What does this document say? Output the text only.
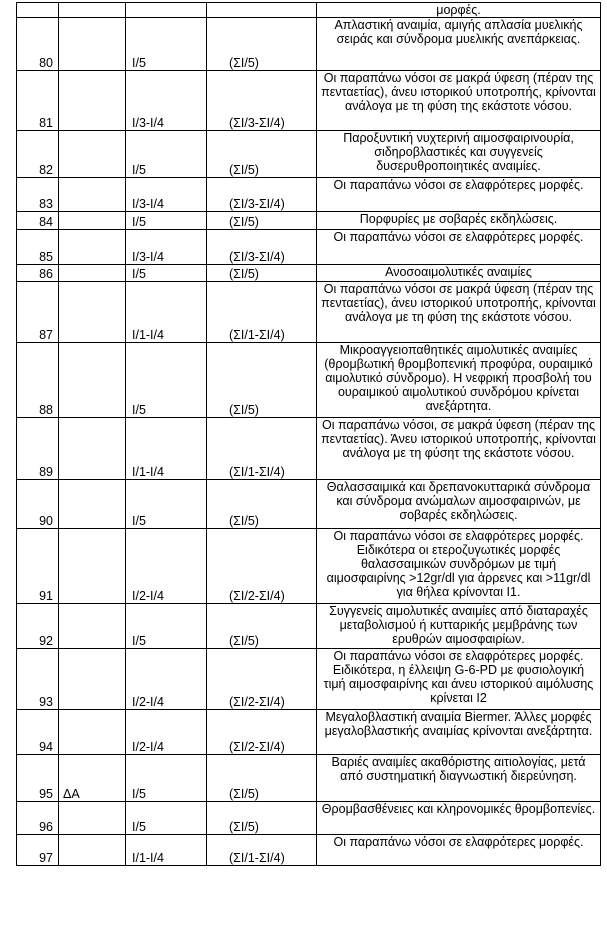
				μορφές.
80		Ι/5	(ΣΙ/5)	Απλαστική αναιμία, αμιγής απλασία μυελικής σειράς και σύνδρομα μυελικής ανεπάρκειας.
81		Ι/3-Ι/4	(ΣΙ/3-ΣΙ/4)	Οι παραπάνω νόσοι σε μακρά ύφεση (πέραν της πενταετίας), άνευ ιστορικού υποτροπής, κρίνονται ανάλογα με τη φύση της εκάστοτε νόσου.
82		Ι/5	(ΣΙ/5)	Παροξυντική νυχτερινή αιμοσφαιρινουρία, σιδηροβλαστικές και συγγενείς δυσερυθροποιητικές αναιμίες.
83		Ι/3-Ι/4	(ΣΙ/3-ΣΙ/4)	Οι παραπάνω νόσοι σε ελαφρότερες μορφές.
84		Ι/5	(ΣΙ/5)	Πορφυρίες με σοβαρές εκδηλώσεις.
85		Ι/3-Ι/4	(ΣΙ/3-ΣΙ/4)	Οι παραπάνω νόσοι σε ελαφρότερες μορφές.
86		Ι/5	(ΣΙ/5)	Ανοσοαιμολυτικές αναιμίες
87		Ι/1-Ι/4	(ΣΙ/1-ΣΙ/4)	Οι παραπάνω νόσοι σε μακρά ύφεση (πέραν της πενταετίας), άνευ ιστορικού υποτροπής, κρίνονται ανάλογα με τη φύση της εκάστοτε νόσου.
88		Ι/5	(ΣΙ/5)	Μικροαγγειοπαθητικές αιμολυτικές αναιμίες (θρομβωτική θρομβοπενική προφύρα, ουραιμικό αιμολυτικό σύνδρομο). Η νεφρική προσβολή του ουραιμικού αιμολυτικού συνδρόμου κρίνεται ανεξάρτητα.
89		Ι/1-Ι/4	(ΣΙ/1-ΣΙ/4)	Οι παραπάνω νόσοι, σε μακρά ύφεση (πέραν της πενταετίας). Άνευ ιστορικού υποτροπής, κρίνονται ανάλογα με τη φύσητ της εκάστοτε νόσου.
90		Ι/5	(ΣΙ/5)	Θαλασσαιμικά και δρεπανοκυτταρικά σύνδρομα και σύνδρομα ανώμαλων αιμοσφαιρινών, με σοβαρές εκδηλώσεις.
91		Ι/2-Ι/4	(ΣΙ/2-ΣΙ/4)	Οι παραπάνω νόσοι σε ελαφρότερες μορφές. Ειδικότερα οι ετεροζυγωτικές μορφές θαλασσαιμικών συνδρόμων με τιμή αιμοσφαιρίνης >12gr/dl για άρρενες και >11gr/dl για θήλεα κρίνονται Ι1.
92		Ι/5	(ΣΙ/5)	Συγγενείς αιμολυτικές αναιμίες από διαταραχές μεταβολισμού ή κυτταρικής μεμβράνης των ερυθρών αιμοσφαιρίων.
93		Ι/2-Ι/4	(ΣΙ/2-ΣΙ/4)	Οι παραπάνω νόσοι σε ελαφρότερες μορφές. Ειδικότερα, η έλλειψη G-6-PD με φυσιολογική τιμή αιμοσφαιρίνης και άνευ ιστορικού αιμόλυσης κρίνεται Ι2
94		Ι/2-Ι/4	(ΣΙ/2-ΣΙ/4)	Μεγαλοβλαστική αναιμία Biermer. Άλλες μορφές μεγαλοβλαστικής αναιμίας κρίνονται ανεξάρτητα.
95	ΔΑ	Ι/5	(ΣΙ/5)	Βαριές αναιμίες ακαθόριστης αιτιολογίας, μετά από συστηματική διαγνωστική διερεύνηση.
96		Ι/5	(ΣΙ/5)	Θρομβασθένειες και κληρονομικές θρομβοπενίες.
97		Ι/1-Ι/4	(ΣΙ/1-ΣΙ/4)	Οι παραπάνω νόσοι σε ελαφρότερες μορφές.
